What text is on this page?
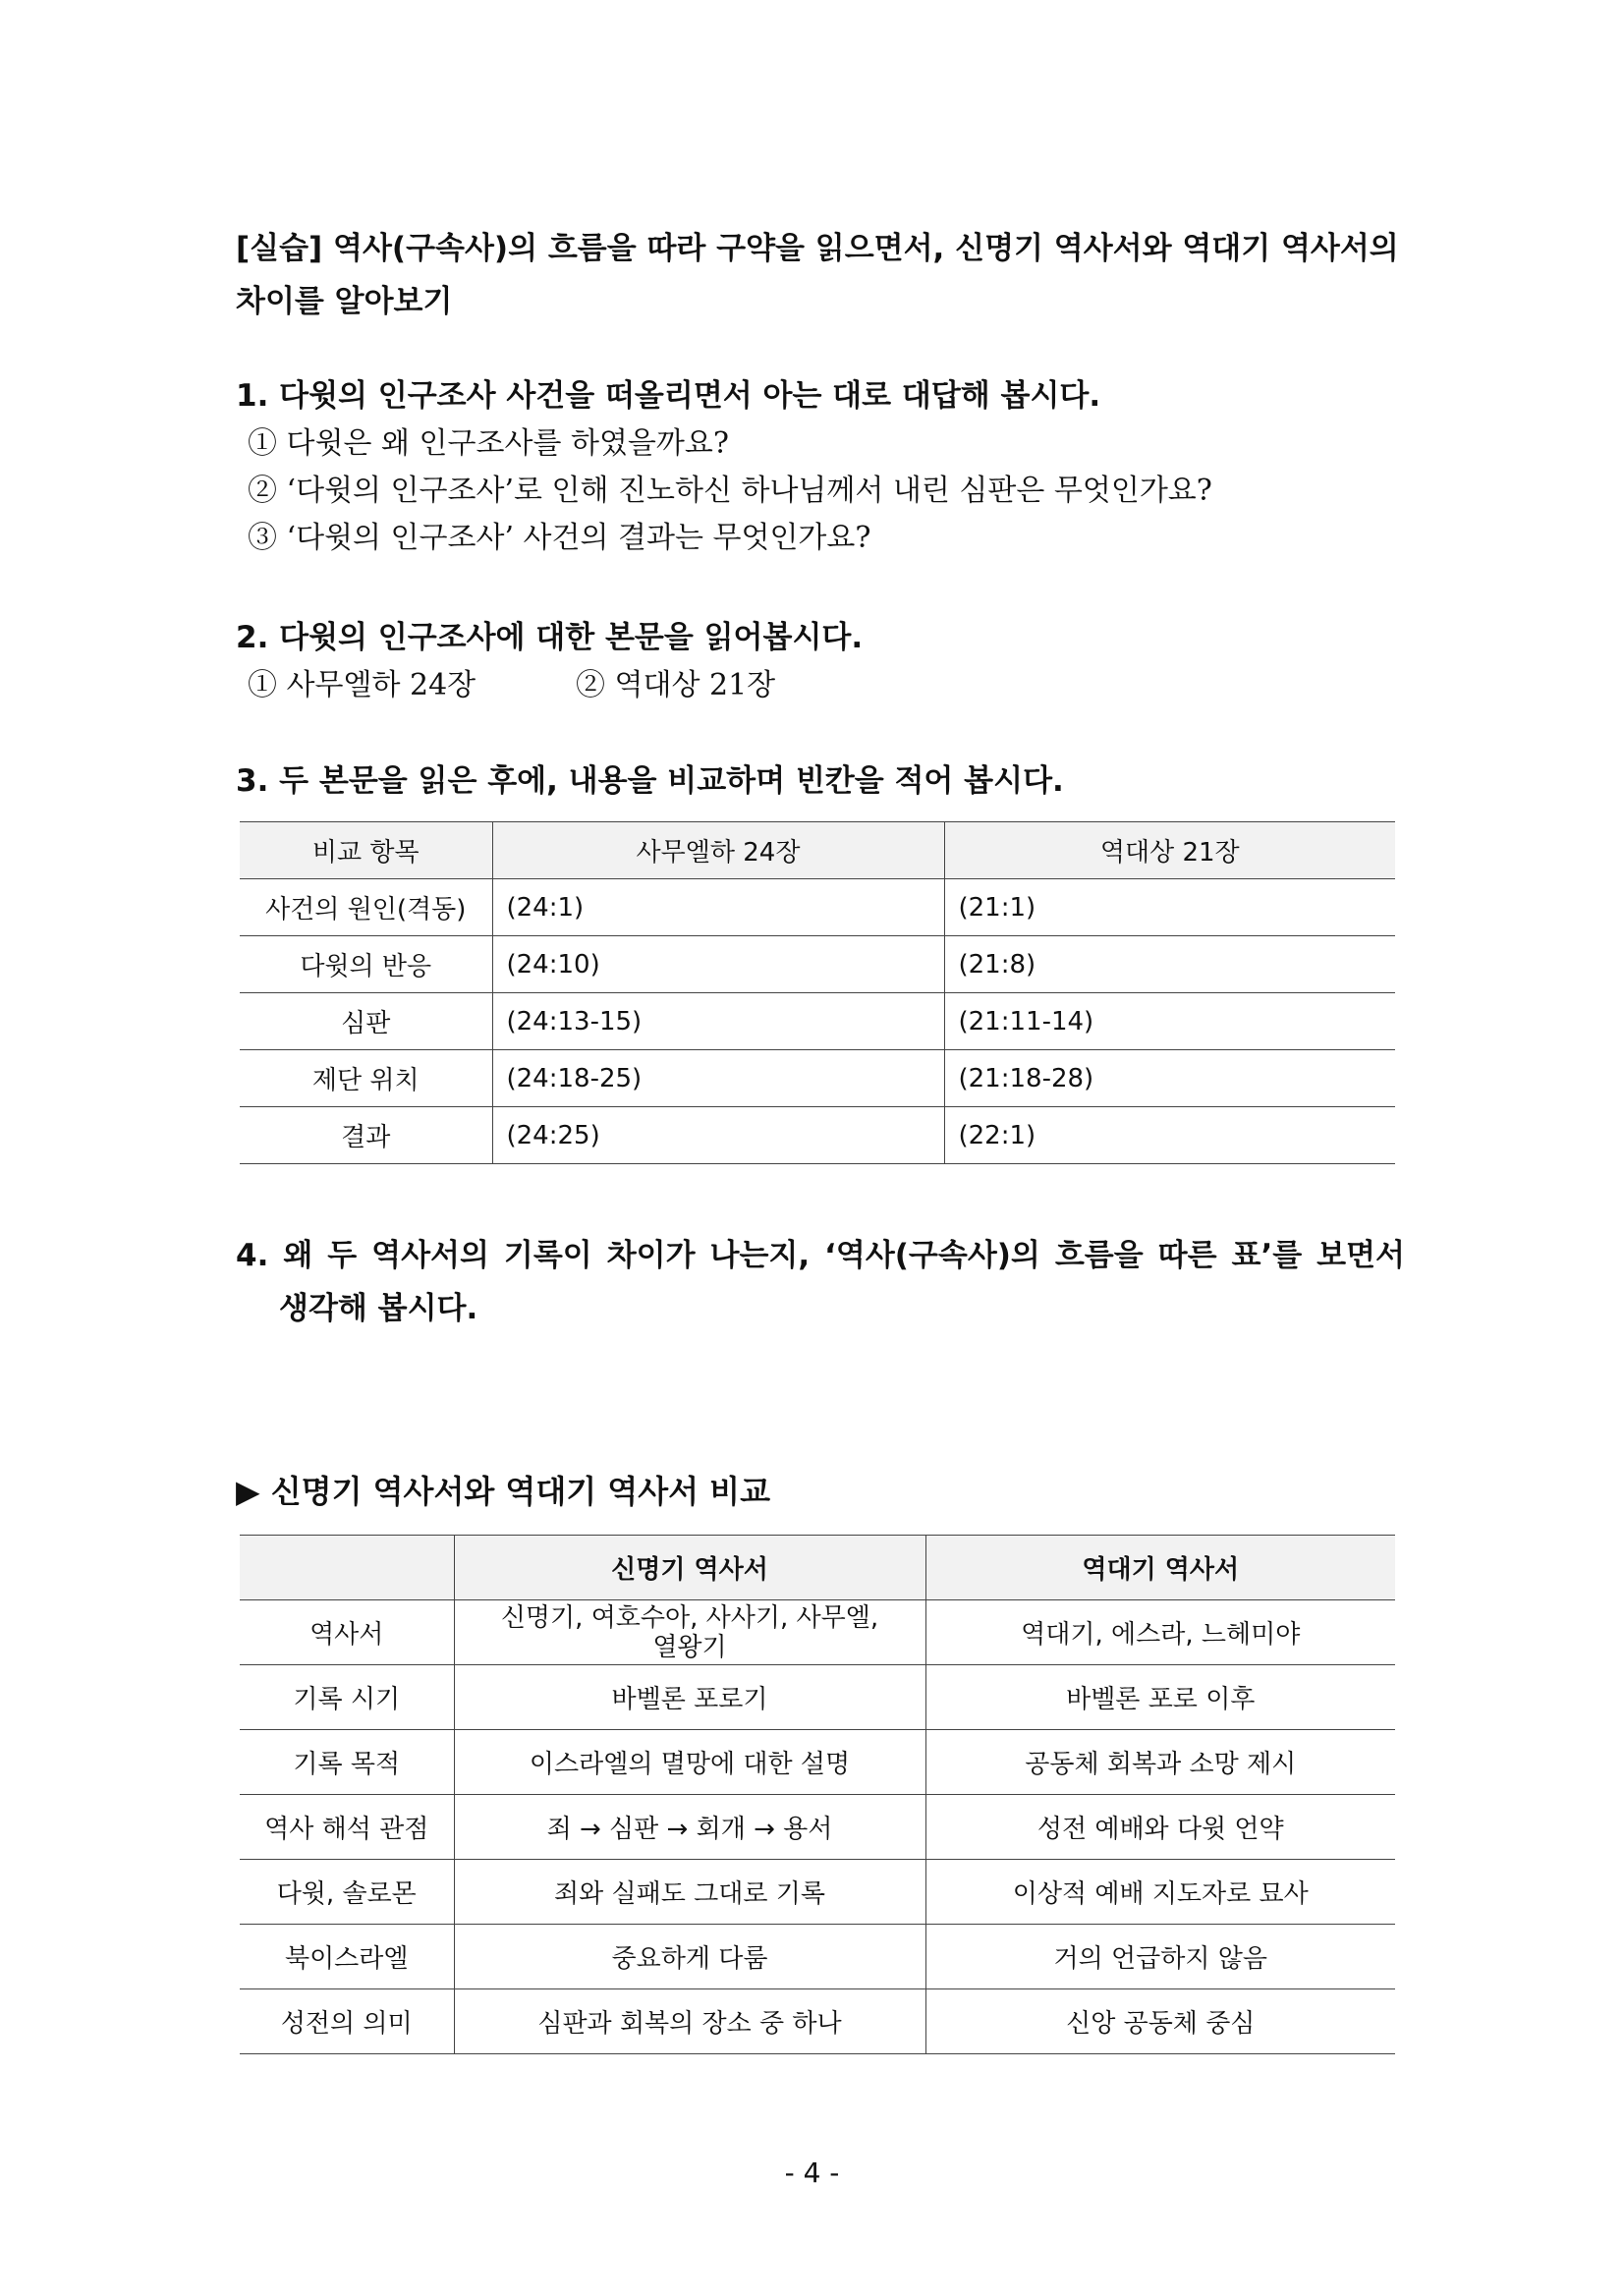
[실습] 역사(구속사)의 흐름을 따라 구약을 읽으면서, 신명기 역사서와 역대기 역사서의
차이를 알아보기
1. 다윗의 인구조사 사건을 떠올리면서 아는 대로 대답해 봅시다.
① 다윗은 왜 인구조사를 하였을까요?
② ‘다윗의 인구조사’로 인해 진노하신 하나님께서 내린 심판은 무엇인가요?
③ ‘다윗의 인구조사’ 사건의 결과는 무엇인가요?
2. 다윗의 인구조사에 대한 본문을 읽어봅시다.
① 사무엘하 24장	② 역대상 21장
3. 두 본문을 읽은 후에, 내용을 비교하며 빈칸을 적어 봅시다.
비교 항목	사무엘하 24장	역대상 21장
사건의 원인(격동)	(24:1)	(21:1)
다윗의 반응	(24:10)	(21:8)
심판	(24:13-15)	(21:11-14)
제단 위치	(24:18-25)	(21:18-28)
결과	(24:25)	(22:1)
4. 왜 두 역사서의 기록이 차이가 나는지, ‘역사(구속사)의 흐름을 따른 표’를 보면서
생각해 봅시다.
▶ 신명기 역사서와 역대기 역사서 비교
	신명기 역사서	역대기 역사서
역사서	신명기, 여호수아, 사사기, 사무엘, 열왕기	역대기, 에스라, 느헤미야
기록 시기	바벨론 포로기	바벨론 포로 이후
기록 목적	이스라엘의 멸망에 대한 설명	공동체 회복과 소망 제시
역사 해석 관점	죄 → 심판 → 회개 → 용서	성전 예배와 다윗 언약
다윗, 솔로몬	죄와 실패도 그대로 기록	이상적 예배 지도자로 묘사
북이스라엘	중요하게 다룸	거의 언급하지 않음
성전의 의미	심판과 회복의 장소 중 하나	신앙 공동체 중심
- 4 -
